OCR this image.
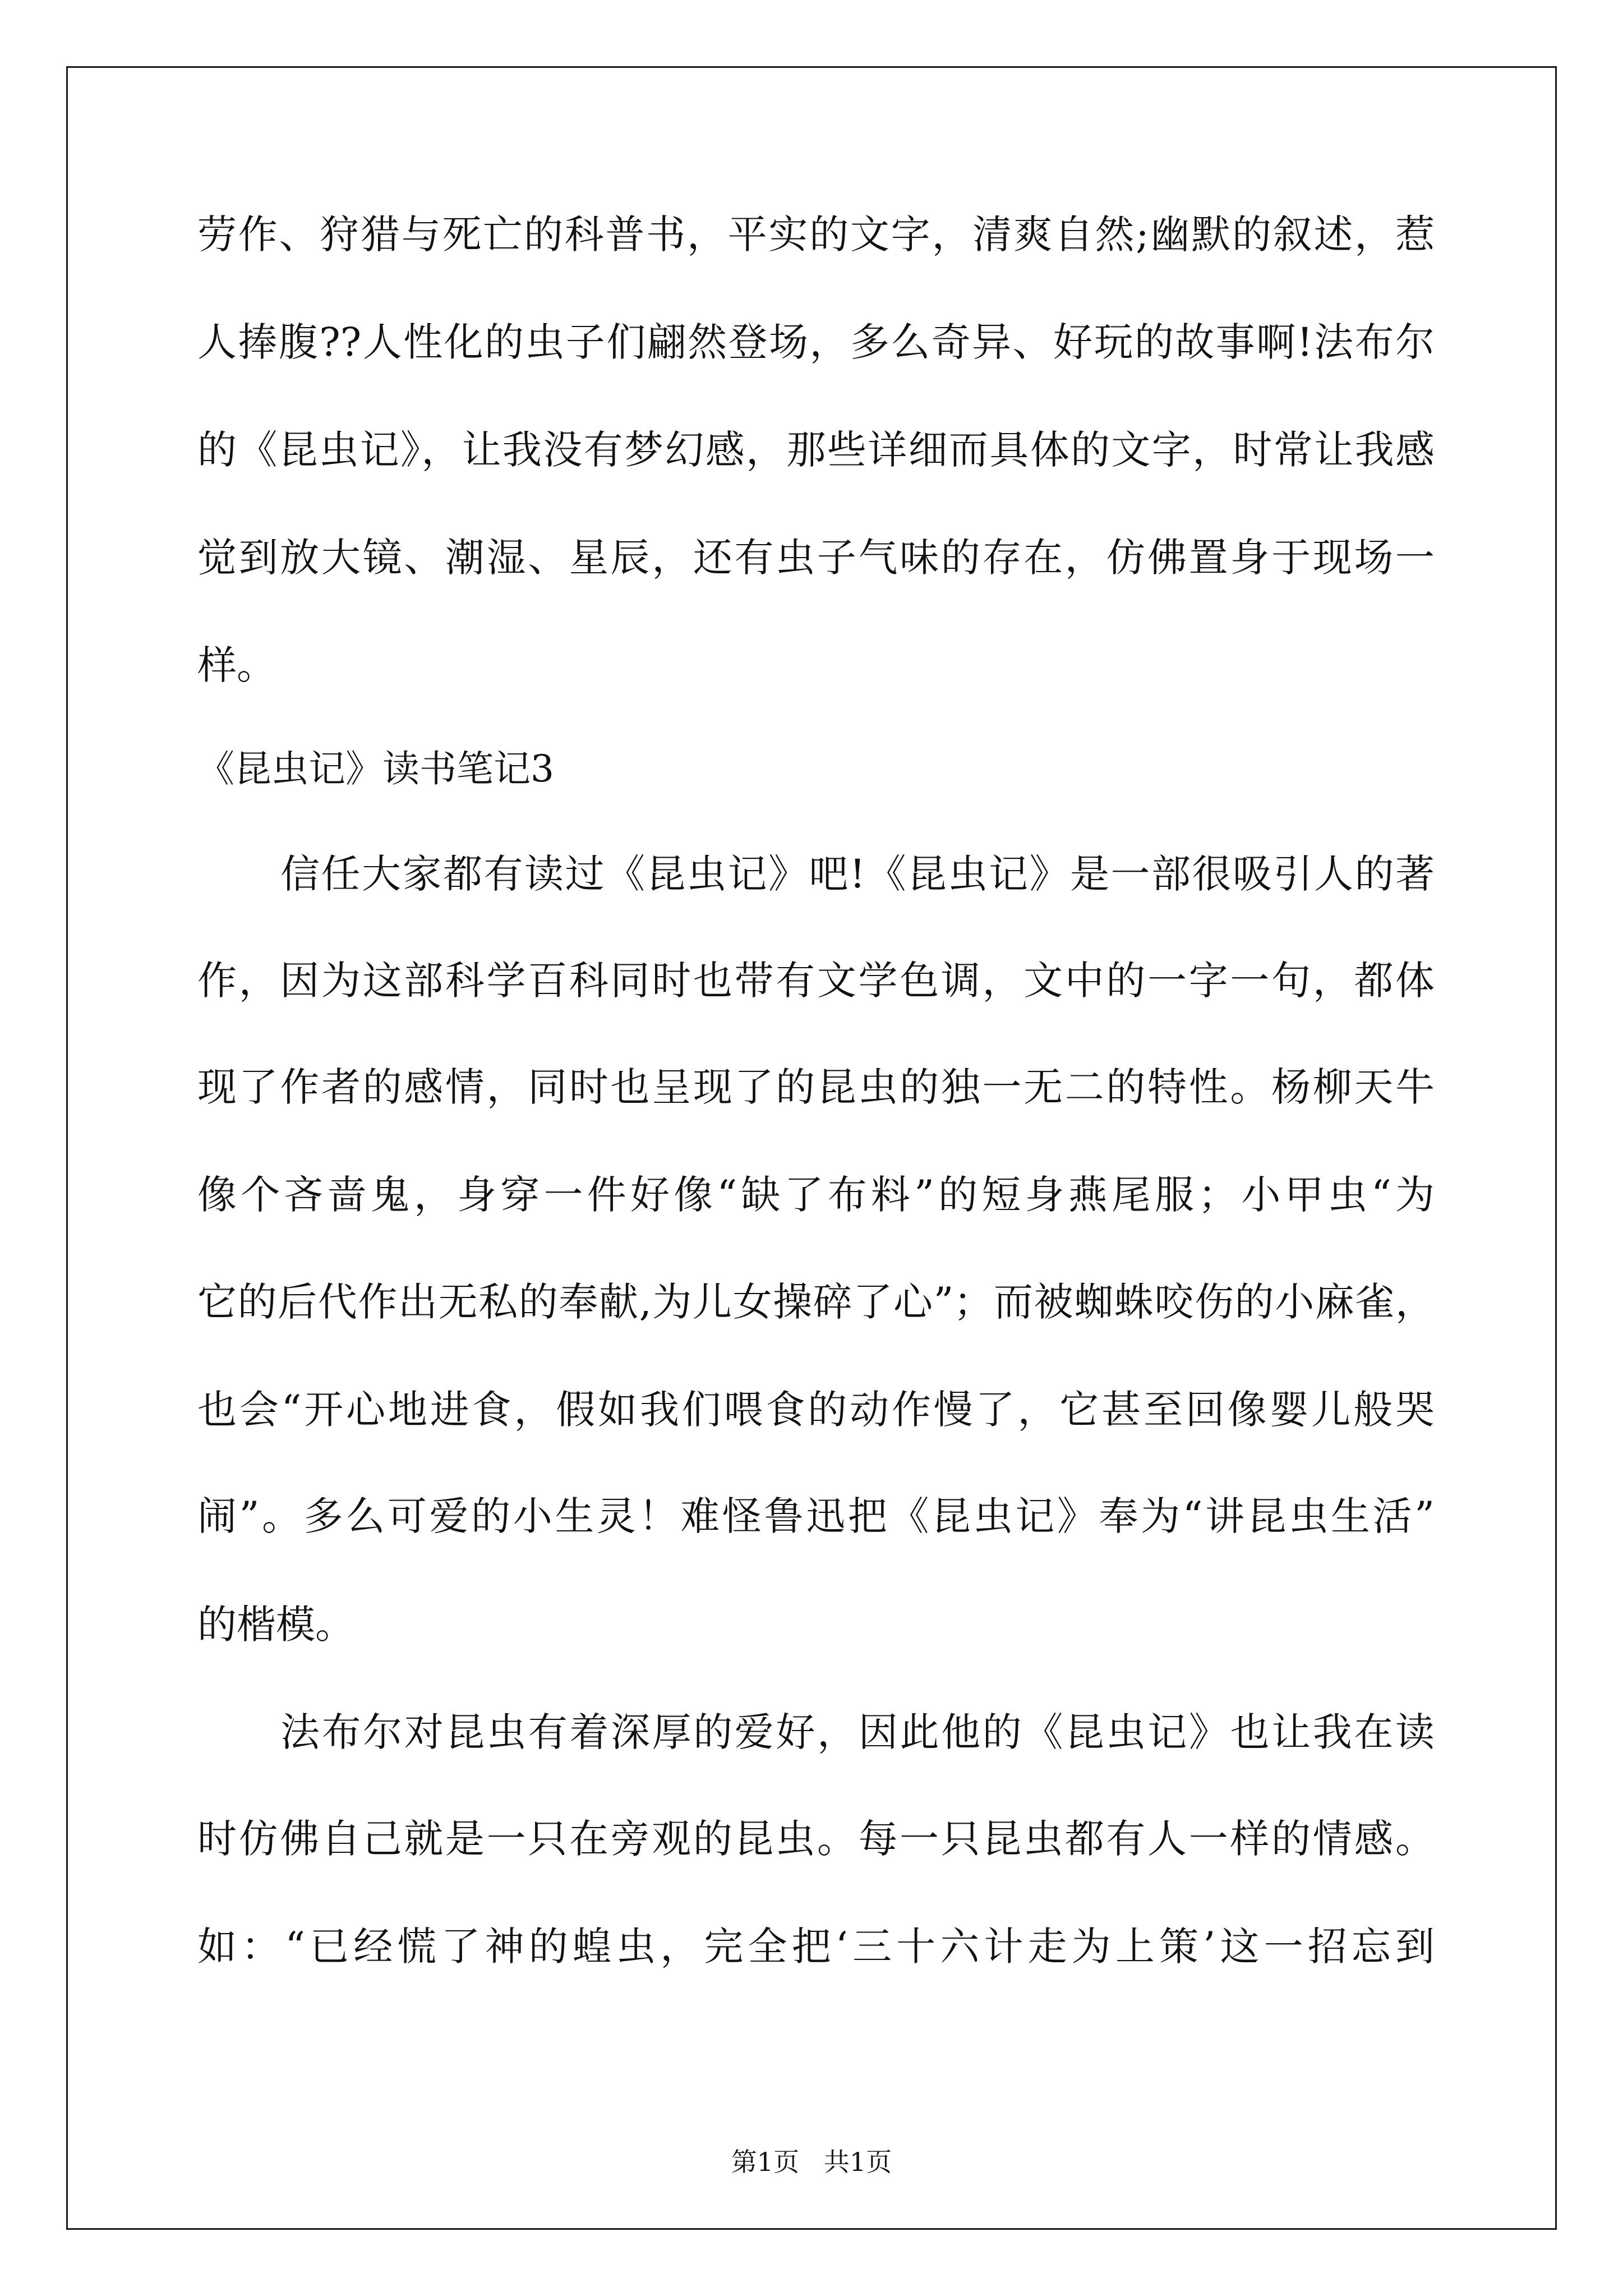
劳作、狩猎与死亡的科普书，平实的文字，清爽自然;幽默的叙述，惹
人捧腹??人性化的虫子们翩然登场，多么奇异、好玩的故事啊!法布尔
的《昆虫记》，让我没有梦幻感，那些详细而具体的文字，时常让我感
觉到放大镜、潮湿、星辰，还有虫子气味的存在，仿佛置身于现场一
样。
《昆虫记》读书笔记3
信任大家都有读过《昆虫记》吧!《昆虫记》是一部很吸引人的著
作，因为这部科学百科同时也带有文学色调，文中的一字一句，都体
现了作者的感情，同时也呈现了的昆虫的独一无二的特性。杨柳天牛
像个吝啬鬼，身穿一件好像“缺了布料”的短身燕尾服；小甲虫“为
它的后代作出无私的奉献,为儿女操碎了心”；而被蜘蛛咬伤的小麻雀，
也会“开心地进食，假如我们喂食的动作慢了，它甚至回像婴儿般哭
闹”。多么可爱的小生灵！难怪鲁迅把《昆虫记》奉为“讲昆虫生活”
的楷模。
法布尔对昆虫有着深厚的爱好，因此他的《昆虫记》也让我在读
时仿佛自己就是一只在旁观的昆虫。每一只昆虫都有人一样的情感。
如：“已经慌了神的蝗虫，完全把‘三十六计走为上策’这一招忘到
第1页   共1页
